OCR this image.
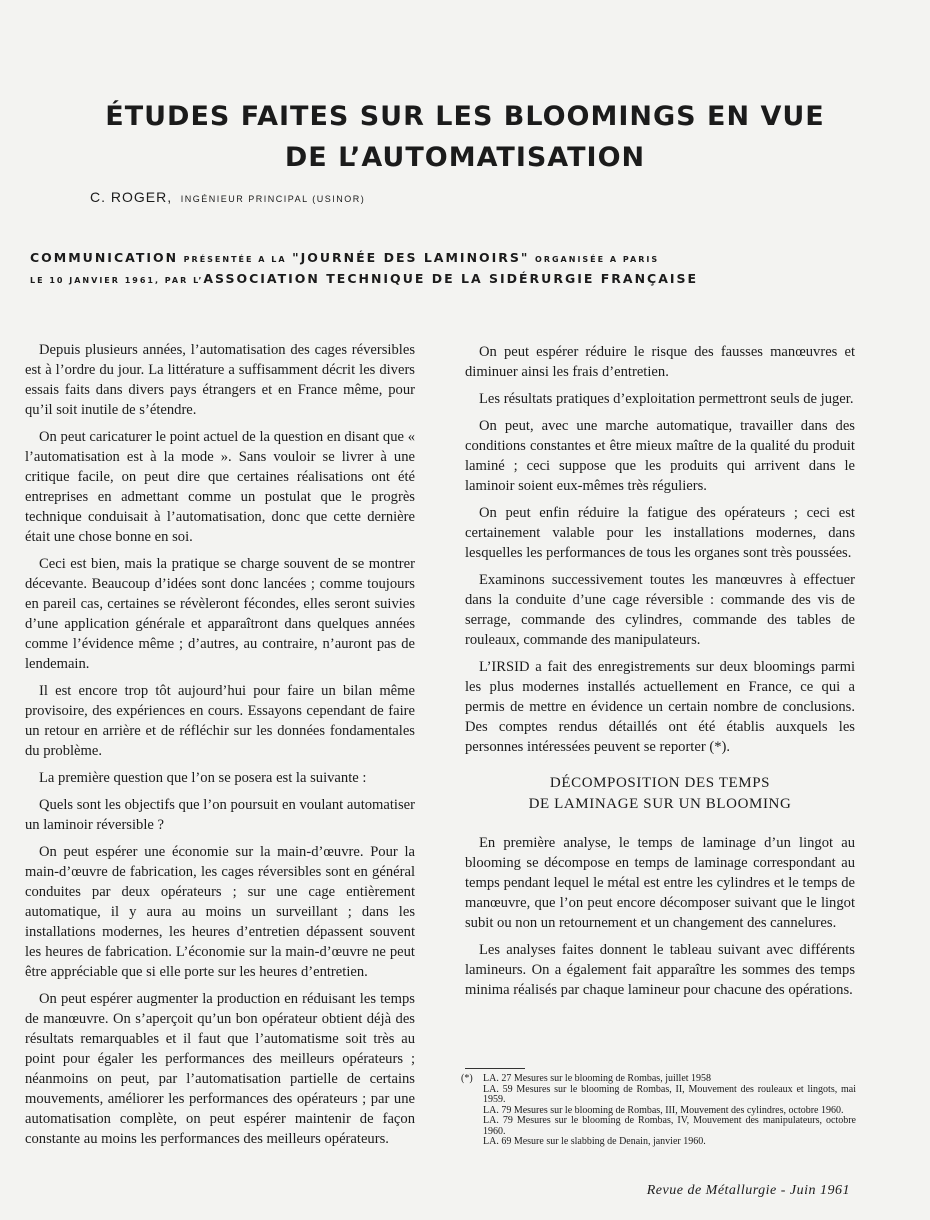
ÉTUDES FAITES SUR LES BLOOMINGS EN VUE
DE L’AUTOMATISATION
C. ROGER, INGÉNIEUR PRINCIPAL (USINOR)
COMMUNICATION PRÉSENTÉE A LA "JOURNÉE DES LAMINOIRS" ORGANISÉE A PARIS
LE 10 JANVIER 1961, PAR L’ASSOCIATION TECHNIQUE DE LA SIDÉRURGIE FRANÇAISE

Depuis plusieurs années, l’automatisation des cages réversibles est à l’ordre du jour. La littérature a suffisamment décrit les divers essais faits dans divers pays étrangers et en France même, pour qu’il soit inutile de s’étendre.

On peut caricaturer le point actuel de la question en disant que « l’automatisation est à la mode ». Sans vouloir se livrer à une critique facile, on peut dire que certaines réalisations ont été entreprises en admettant comme un postulat que le progrès technique conduisait à l’automatisation, donc que cette dernière était une chose bonne en soi.

Ceci est bien, mais la pratique se charge souvent de se montrer décevante. Beaucoup d’idées sont donc lancées ; comme toujours en pareil cas, certaines se révèleront fécondes, elles seront suivies d’une application générale et apparaîtront dans quelques années comme l’évidence même ; d’autres, au contraire, n’auront pas de lendemain.

Il est encore trop tôt aujourd’hui pour faire un bilan même provisoire, des expériences en cours. Essayons cependant de faire un retour en arrière et de réfléchir sur les données fondamentales du problème.

La première question que l’on se posera est la suivante :

Quels sont les objectifs que l’on poursuit en voulant automatiser un laminoir réversible ?

On peut espérer une économie sur la main-d’œuvre. Pour la main-d’œuvre de fabrication, les cages réversibles sont en général conduites par deux opérateurs ; sur une cage entièrement automatique, il y aura au moins un surveillant ; dans les installations modernes, les heures d’entretien dépassent souvent les heures de fabrication. L’économie sur la main-d’œuvre ne peut être appréciable que si elle porte sur les heures d’entretien.

On peut espérer augmenter la production en réduisant les temps de manœuvre. On s’aperçoit qu’un bon opérateur obtient déjà des résultats remarquables et il faut que l’automatisme soit très au point pour égaler les performances des meilleurs opérateurs ; néanmoins on peut, par l’automatisation partielle de certains mouvements, améliorer les performances des opérateurs ; par une automatisation complète, on peut espérer maintenir de façon constante au moins les performances des meilleurs opérateurs.

On peut espérer réduire le risque des fausses manœuvres et diminuer ainsi les frais d’entretien.

Les résultats pratiques d’exploitation permettront seuls de juger.

On peut, avec une marche automatique, travailler dans des conditions constantes et être mieux maître de la qualité du produit laminé ; ceci suppose que les produits qui arrivent dans le laminoir soient eux-mêmes très réguliers.

On peut enfin réduire la fatigue des opérateurs ; ceci est certainement valable pour les installations modernes, dans lesquelles les performances de tous les organes sont très poussées.

Examinons successivement toutes les manœuvres à effectuer dans la conduite d’une cage réversible : commande des vis de serrage, commande des cylindres, commande des tables de rouleaux, commande des manipulateurs.

L’IRSID a fait des enregistrements sur deux bloomings parmi les plus modernes installés actuellement en France, ce qui a permis de mettre en évidence un certain nombre de conclusions. Des comptes rendus détaillés ont été établis auxquels les personnes intéressées peuvent se reporter (*).

DÉCOMPOSITION DES TEMPS
DE LAMINAGE SUR UN BLOOMING

En première analyse, le temps de laminage d’un lingot au blooming se décompose en temps de laminage correspondant au temps pendant lequel le métal est entre les cylindres et le temps de manœuvre, que l’on peut encore décomposer suivant que le lingot subit ou non un retournement et un changement des cannelures.

Les analyses faites donnent le tableau suivant avec différents lamineurs. On a également fait apparaître les sommes des temps minima réalisés par chaque lamineur pour chacune des opérations.

(*) LA. 27 Mesures sur le blooming de Rombas, juillet 1958

LA. 59 Mesures sur le blooming de Rombas, II, Mouvement des rouleaux et lingots, mai 1959.

LA. 79 Mesures sur le blooming de Rombas, III, Mouvement des cylindres, octobre 1960.

LA. 79 Mesures sur le blooming de Rombas, IV, Mouvement des manipulateurs, octobre 1960.

LA. 69 Mesure sur le slabbing de Denain, janvier 1960.

Revue de Métallurgie - Juin 1961
